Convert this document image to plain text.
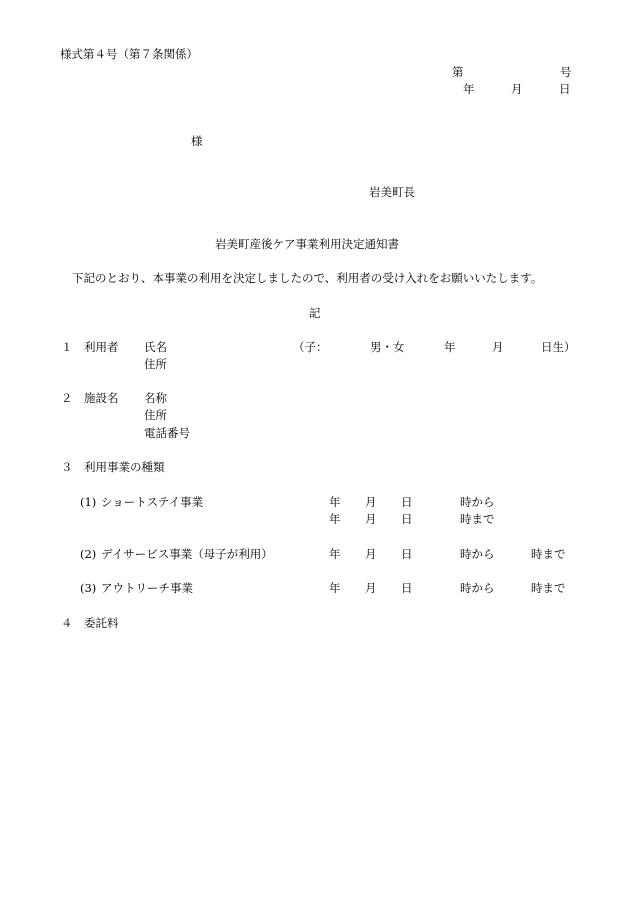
様式第４号（第７条関係）
第	号
年	月	日
様
岩美町長
岩美町産後ケア事業利用決定通知書
下記のとおり、本事業の利用を決定しましたので、利用者の受け入れをお願いいたします。
記
１ 利用者 氏名	（子：	男・女	年	月	日生）
住所
２ 施設名 名称
住所
電話番号
３ 利用事業の種類
(1) ショートステイ事業	年 月 日	時から
年 月 日	時まで
(2) デイサービス事業（母子が利用）	年 月 日	時から	時まで
(3) アウトリーチ事業	年 月 日	時から	時まで
４ 委託料
